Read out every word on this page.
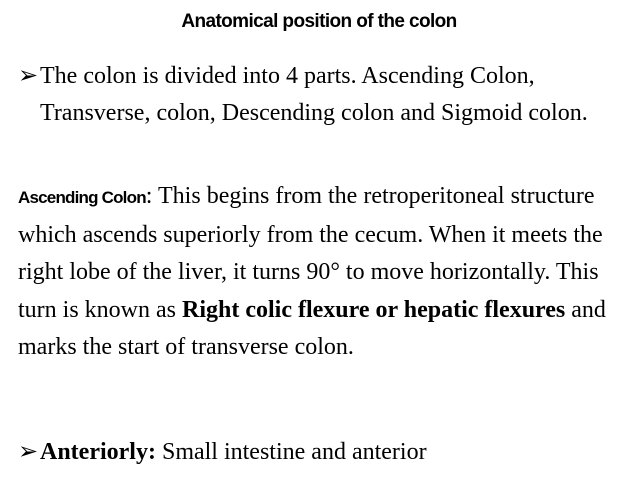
Anatomical position of the colon
➢ The colon is divided into 4 parts. Ascending Colon, Transverse, colon, Descending colon and Sigmoid colon.
Ascending Colon: This begins from the retroperitoneal structure which ascends superiorly from the cecum. When it meets the right lobe of the liver, it turns 90° to move horizontally. This turn is known as Right colic flexure or hepatic flexures and marks the start of transverse colon.
➢ Anteriorly: Small intestine and anterior
